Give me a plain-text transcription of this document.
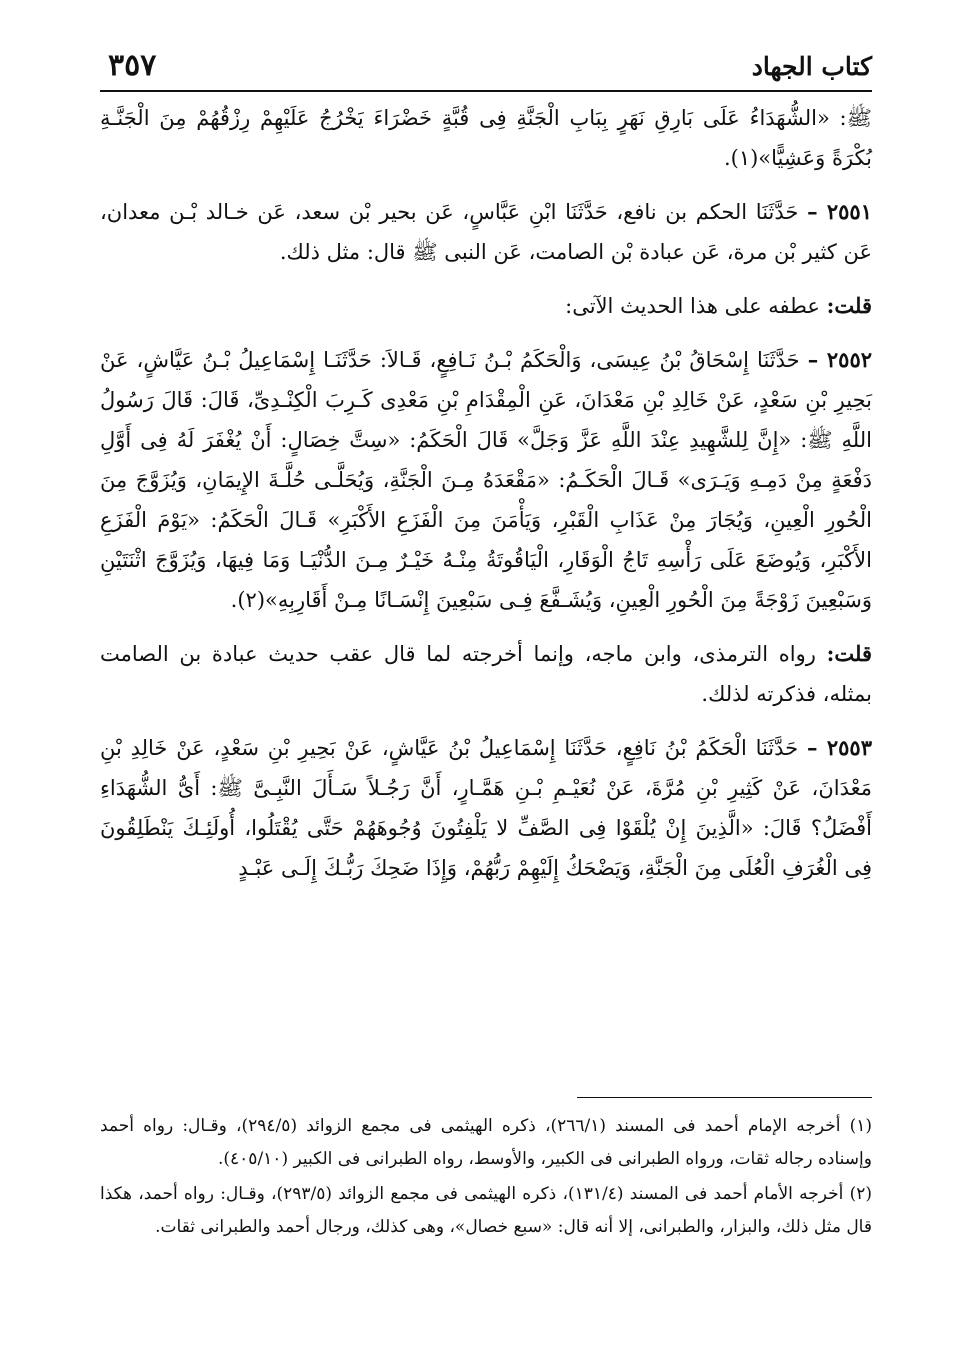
كتاب الجهاد
٣٥٧

ﷺ: «الشُّهَدَاءُ عَلَى بَارِقِ نَهَرٍ بِبَابِ الْجَنَّةِ فِى قُبَّةٍ خَضْرَاءَ يَخْرُجُ عَلَيْهِمْ رِزْقُهُمْ مِنَ الْجَنَّـةِ بُكْرَةً وَعَشِيًّا»(١).

٢٥٥١ – حَدَّثَنَا الحكم بن نافع، حَدَّثَنَا ابْنِ عَبَّاسٍ، عَن بحير بْن سعد، عَن خـالد بْـن معدان، عَن كثير بْن مرة، عَن عبادة بْن الصامت، عَن النبى ﷺ قال: مثل ذلك.

قلت: عطفه على هذا الحديث الآتى:

٢٥٥٢ – حَدَّثَنَا إِسْحَاقُ بْنُ عِيسَى، وَالْحَكَمُ بْـنُ نَـافِعٍ، قَـالاَ: حَدَّثَنَـا إِسْمَاعِيلُ بْـنُ عَيَّاشٍ، عَنْ بَحِيرِ بْنِ سَعْدٍ، عَنْ خَالِدِ بْنِ مَعْدَانَ، عَنِ الْمِقْدَامِ بْنِ مَعْدِى كَـرِبَ الْكِنْـدِىِّ، قَالَ: قَالَ رَسُولُ اللَّهِ ﷺ: «إِنَّ لِلشَّهِيدِ عِنْدَ اللَّهِ عَزَّ وَجَلَّ» قَالَ الْحَكَمُ: «سِتَّ خِصَالٍ: أَنْ يُغْفَرَ لَهُ فِى أَوَّلِ دَفْعَةٍ مِنْ دَمِـهِ وَيَـرَى» قَـالَ الْحَكَـمُ: «مَقْعَدَهُ مِـنَ الْجَنَّةِ، وَيُحَلَّـى حُلَّـةَ الإِيمَانِ، وَيُزَوَّجَ مِنَ الْحُورِ الْعِينِ، وَيُجَارَ مِنْ عَذَابِ الْقَبْرِ، وَيَأْمَنَ مِنَ الْفَزَعِ الأَكْبَرِ» قَـالَ الْحَكَمُ: «يَوْمَ الْفَزَعِ الأَكْبَرِ، وَيُوضَعَ عَلَى رَأْسِهِ تَاجُ الْوَقَارِ، الْيَاقُوتَةُ مِنْـهُ خَيْـرٌ مِـنَ الدُّنْيَـا وَمَا فِيهَا، وَيُزَوَّجَ اثْنَتَيْنِ وَسَبْعِينَ زَوْجَةً مِنَ الْحُورِ الْعِينِ، وَيُشَـفَّعَ فِـى سَبْعِينَ إِنْسَـانًا مِـنْ أَقَارِبِهِ»(٢).

قلت: رواه الترمذى، وابن ماجه، وإنما أخرجته لما قال عقب حديث عبادة بن الصامت بمثله، فذكرته لذلك.

٢٥٥٣ – حَدَّثَنَا الْحَكَمُ بْنُ نَافِعٍ، حَدَّثَنَا إِسْمَاعِيلُ بْنُ عَيَّاشٍ، عَنْ بَحِيرِ بْنِ سَعْدٍ، عَنْ خَالِدِ بْنِ مَعْدَانَ، عَنْ كَثِيرِ بْنِ مُرَّةَ، عَنْ نُعَيْـمِ بْـنِ هَمَّـارٍ، أَنَّ رَجُـلاً سَـأَلَ النَّبِـىَّ ﷺ: أَىُّ الشُّهَدَاءِ أَفْضَلُ؟ قَالَ: «الَّذِينَ إِنْ يُلْقَوْا فِى الصَّفِّ لا يَلْفِتُونَ وُجُوهَهُمْ حَتَّى يُقْتَلُوا، أُولَئِـكَ يَنْطَلِقُونَ فِى الْغُرَفِ الْعُلَى مِنَ الْجَنَّةِ، وَيَضْحَكُ إِلَيْهِمْ رَبُّهُمْ، وَإِذَا ضَحِكَ رَبُّـكَ إِلَـى عَبْـدٍ

(١) أخرجه الإمام أحمد فى المسند (٢٦٦/١)، ذكره الهيثمى فى مجمع الزوائد (٢٩٤/٥)، وقـال: رواه أحمد وإسناده رجاله ثقات، ورواه الطبرانى فى الكبير، والأوسط، رواه الطبرانى فى الكبير (٤٠٥/١٠).

(٢) أخرجه الأمام أحمد فى المسند (١٣١/٤)، ذكره الهيثمى فى مجمع الزوائد (٢٩٣/٥)، وقـال: رواه أحمد، هكذا قال مثل ذلك، والبزار، والطبرانى، إلا أنه قال: «سبع خصال»، وهى كذلك، ورجال أحمد والطبرانى ثقات.
